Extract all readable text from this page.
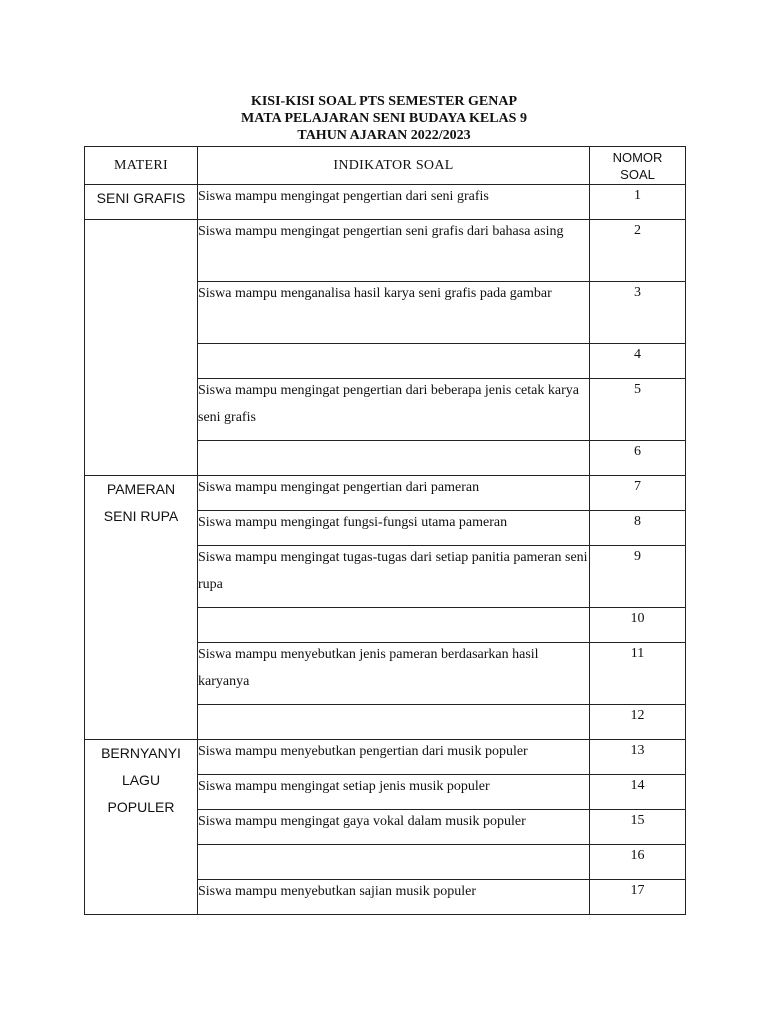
KISI-KISI SOAL PTS SEMESTER GENAP
MATA PELAJARAN SENI BUDAYA KELAS 9
TAHUN AJARAN 2022/2023
MATERI	INDIKATOR SOAL	NOMOR
SOAL
SENI GRAFIS	Siswa mampu mengingat pengertian dari seni grafis	1

	Siswa mampu mengingat pengertian seni grafis dari bahasa asing	2

	Siswa mampu menganalisa hasil karya seni grafis pada gambar	3

		4

	Siswa mampu mengingat pengertian dari beberapa jenis cetak karya seni grafis	5

		6
PAMERAN
SENI RUPA	Siswa mampu mengingat pengertian dari pameran	7

	Siswa mampu mengingat fungsi-fungsi utama pameran	8

	Siswa mampu mengingat tugas-tugas dari setiap panitia pameran seni rupa	9

		10

	Siswa mampu menyebutkan jenis pameran berdasarkan hasil karyanya	11

		12
BERNYANYI
LAGU
POPULER	Siswa mampu menyebutkan pengertian dari musik populer	13

	Siswa mampu mengingat setiap jenis musik populer	14

	Siswa mampu mengingat gaya vokal dalam musik populer	15

		16

	Siswa mampu menyebutkan sajian musik populer	17
